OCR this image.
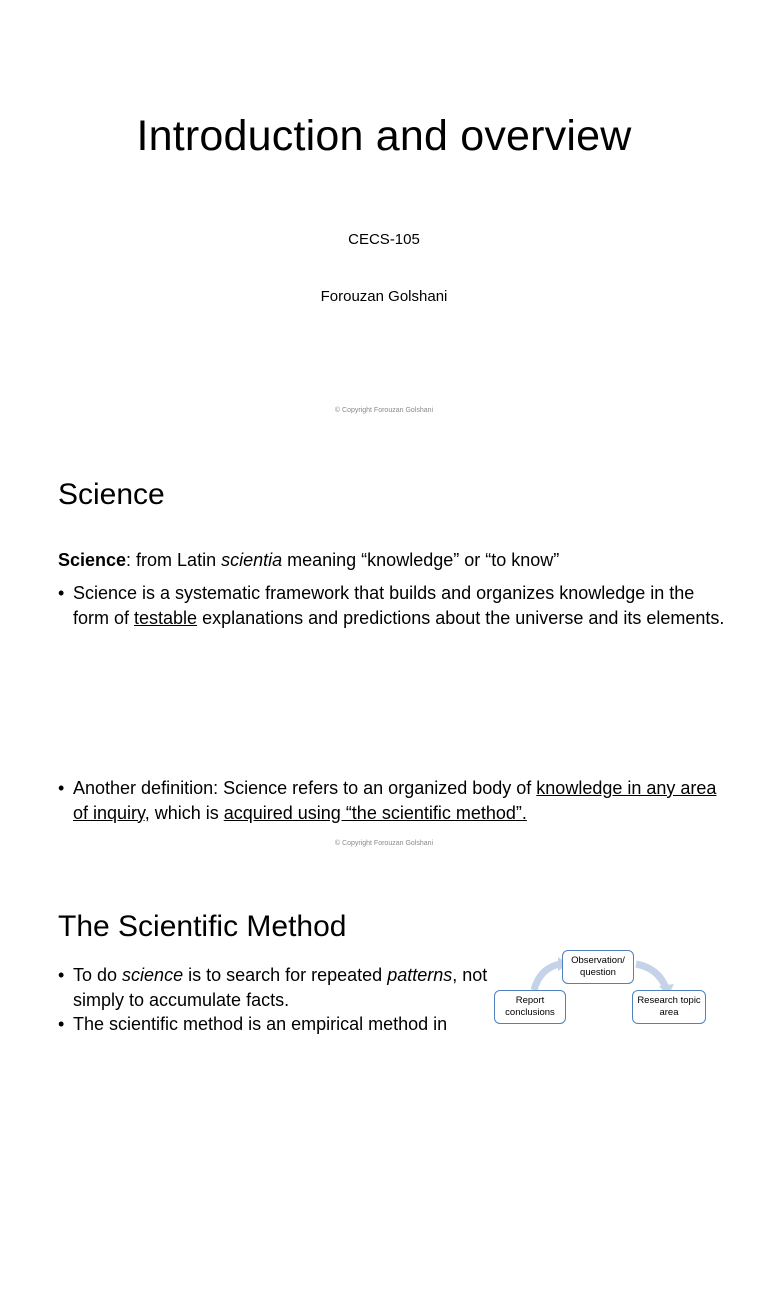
Introduction and overview

CECS-105

Forouzan Golshani

© Copyright Forouzan Golshani
Science
Science: from Latin scientia meaning “knowledge” or “to know”
• Science is a systematic framework that builds and organizes knowledge in the form of testable explanations and predictions about the universe and its elements.
• Another definition: Science refers to an organized body of knowledge in any area of inquiry, which is acquired using “the scientific method”.
© Copyright Forouzan Golshani
The Scientific Method
• To do science is to search for repeated patterns, not simply to accumulate facts.
• The scientific method is an empirical method in
Observation/ question
Report conclusions
Research topic area
